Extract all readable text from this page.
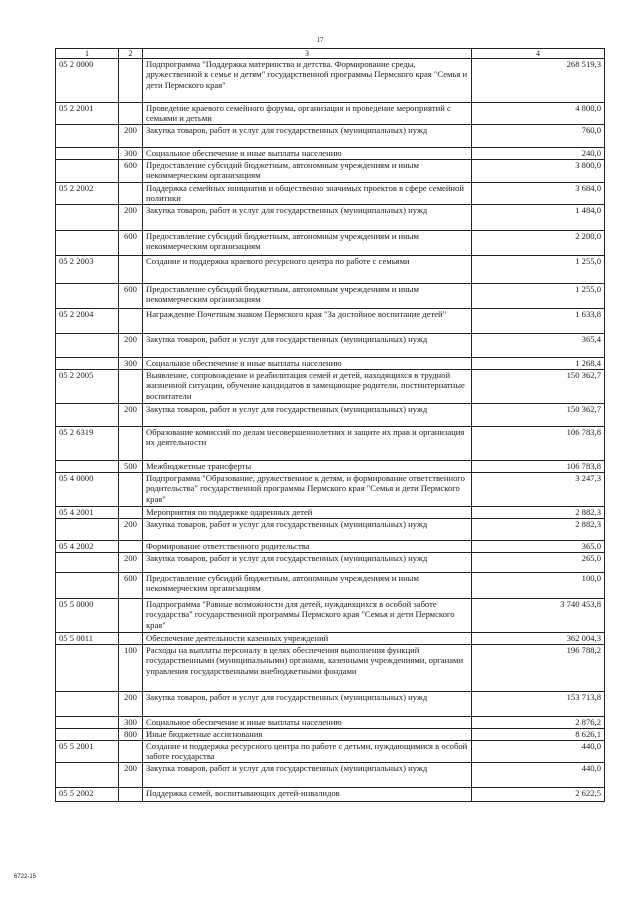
17
1	2	3	4
05 2 0000		Подпрограмма "Поддержка материнства и детства. Формирование среды, дружественной к семье и детям" государственной программы Пермского края "Семья и дети Пермского края"	268 519,3
05 2 2001		Проведение краевого семейного форума, организация и проведение мероприятий с семьями и детьми	4 800,0
	200	Закупка товаров, работ и услуг для государственных (муниципальных) нужд	760,0
	300	Социальное обеспечение и иные выплаты населению	240,0
	600	Предоставление субсидий бюджетным, автономным учреждениям и иным некоммерческим организациям	3 800,0
05 2 2002		Поддержка семейных инициатив и общественно значимых проектов в сфере семейной политики	3 684,0
	200	Закупка товаров, работ и услуг для государственных (муниципальных) нужд	1 484,0
	600	Предоставление субсидий бюджетным, автономным учреждениям и иным некоммерческим организациям	2 200,0
05 2 2003		Создание и поддержка краевого ресурсного центра по работе с семьями	1 255,0
	600	Предоставление субсидий бюджетным, автономным учреждениям и иным некоммерческим организациям	1 255,0
05 2 2004		Награждение Почетным знаком Пермского края "За достойное воспитание детей"	1 633,8
	200	Закупка товаров, работ и услуг для государственных (муниципальных) нужд	365,4
	300	Социальное обеспечение и иные выплаты населению	1 268,4
05 2 2005		Выявление, сопровождение и реабилитация семей и детей, находящихся в трудной жизненной ситуации, обучение кандидатов в замещающие родители, постинтернатные воспитатели	150 362,7
	200	Закупка товаров, работ и услуг для государственных (муниципальных) нужд	150 362,7
05 2 6319		Образование комиссий по делам несовершеннолетних и защите их прав и организация их деятельности	106 783,8
	500	Межбюджетные трансферты	106 783,8
05 4 0000		Подпрограмма "Образование, дружественное к детям, и формирование ответственного родительства" государственной программы Пермского края "Семья и дети Пермского края"	3 247,3
05 4 2001		Мероприятия по поддержке одаренных детей	2 882,3
	200	Закупка товаров, работ и услуг для государственных (муниципальных) нужд	2 882,3
05 4 2002		Формирование ответственного родительства	365,0
	200	Закупка товаров, работ и услуг для государственных (муниципальных) нужд	265,0
	600	Предоставление субсидий бюджетным, автономным учреждениям и иным некоммерческим организациям	100,0
05 5 0000		Подпрограмма "Равные возможности для детей, нуждающихся в особой заботе государства" государственной программы Пермского края "Семья и дети Пермского края"	3 740 453,8
05 5 0011		Обеспечение деятельности казенных учреждений	362 004,3
	100	Расходы на выплаты персоналу в целях обеспечения выполнения функций государственными (муниципальными) органами, казенными учреждениями, органами управления государственными внебюджетными фондами	196 788,2
	200	Закупка товаров, работ и услуг для государственных (муниципальных) нужд	153 713,8
	300	Социальное обеспечение и иные выплаты населению	2 876,2
	800	Иные бюджетные ассигнования	8 626,1
05 5 2001		Создание и поддержка ресурсного центра по работе с детьми, нуждающимися в особой заботе государства	440,0
	200	Закупка товаров, работ и услуг для государственных (муниципальных) нужд	440,0
05 5 2002		Поддержка семей, воспитывающих детей-инвалидов	2 622,5
6722-15
